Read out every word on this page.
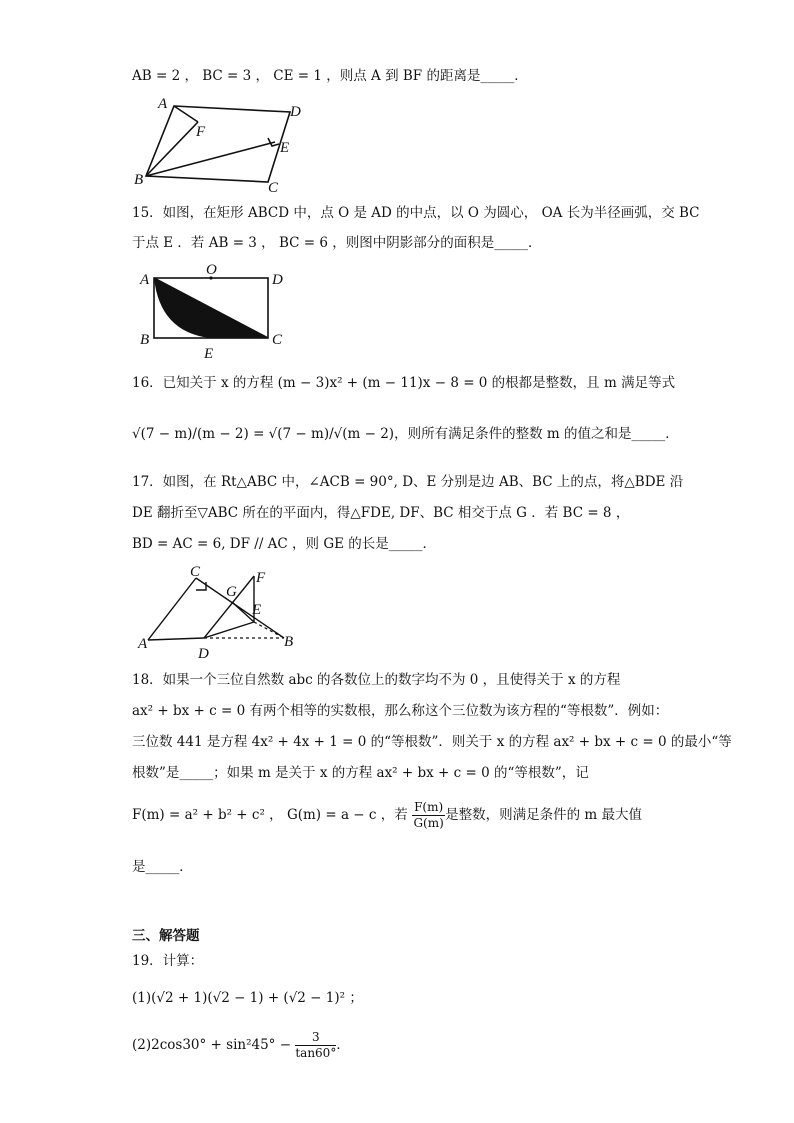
AB = 2 ， BC = 3 ， CE = 1 ，则点 A 到 BF 的距离是_____．
A	D
F
E
B	C
15．如图，在矩形 ABCD 中，点 O 是 AD 的中点，以 O 为圆心， OA 长为半径画弧，交 BC
于点 E ．若 AB = 3 ， BC = 6 ，则图中阴影部分的面积是_____．
A
O
D
B
E
C
16．已知关于 x 的方程 (m − 3)x² + (m − 11)x − 8 = 0 的根都是整数，且 m 满足等式
√(7 − m)/(m − 2) = √(7 − m)/√(m − 2)，则所有满足条件的整数 m 的值之和是_____．
17．如图，在 Rt△ABC 中，∠ACB = 90°, D、E 分别是边 AB、BC 上的点，将△BDE 沿
DE 翻折至▽ABC 所在的平面内，得△FDE, DF、BC 相交于点 G ．若 BC = 8 ，
BD = AC = 6, DF // AC ，则 GE 的长是_____．
C
G
F
E
A
D
B
18．如果一个三位自然数 abc 的各数位上的数字均不为 0 ，且使得关于 x 的方程
ax² + bx + c = 0 有两个相等的实数根，那么称这个三位数为该方程的“等根数”．例如：
三位数 441 是方程 4x² + 4x + 1 = 0 的“等根数”．则关于 x 的方程 ax² + bx + c = 0 的最小“等
根数”是_____；如果 m 是关于 x 的方程 ax² + bx + c = 0 的“等根数”，记
F(m) = a² + b² + c² ， G(m) = a − c ，若 $\frac{F(m)}{G(m)}$ 是整数，则满足条件的 m 最大值
是_____．
三、解答题
19．计算：
(1)(√2 + 1)(√2 − 1) + (√2 − 1)² ；
$(2)2\cos 30^\circ + \sin^245^\circ - \frac{3}{\tan 60^\circ}$ ．
